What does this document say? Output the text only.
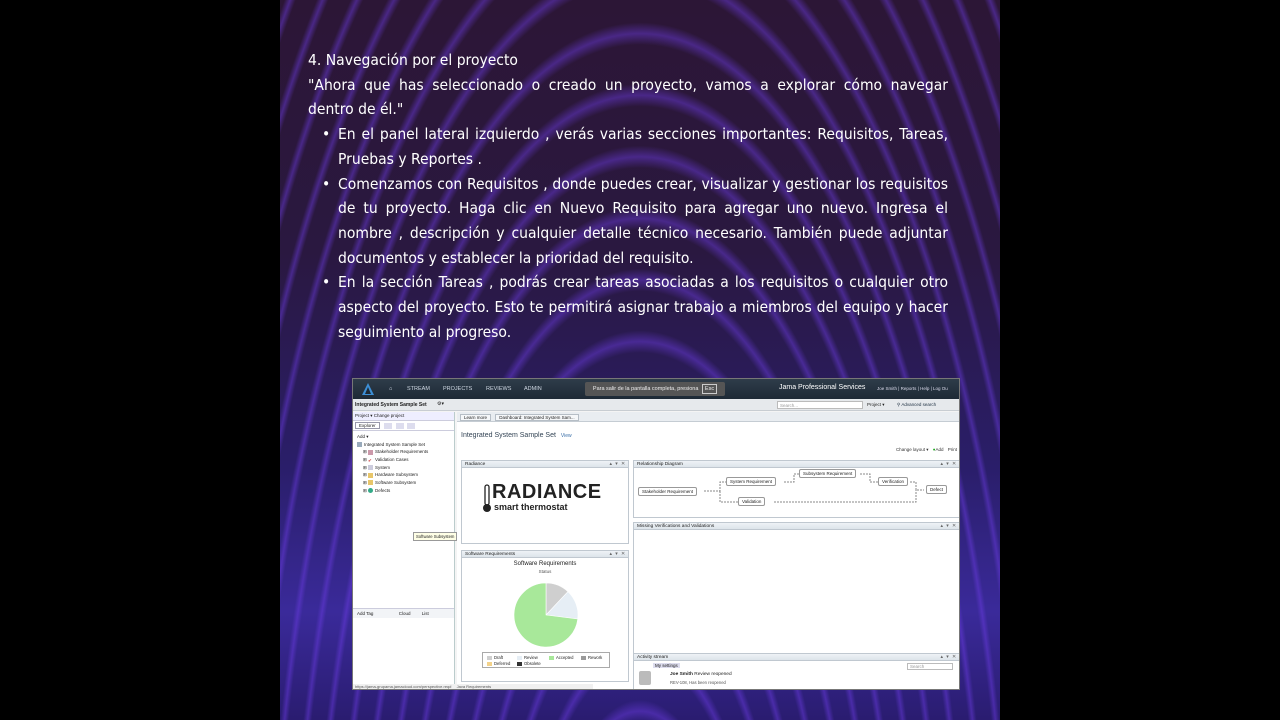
4. Navegación por el proyecto
"Ahora que has seleccionado o creado un proyecto, vamos a explorar cómo navegar dentro de él."
• En el panel lateral izquierdo , verás varias secciones importantes: Requisitos, Tareas, Pruebas y Reportes .
• Comenzamos con Requisitos , donde puedes crear, visualizar y gestionar los requisitos de tu proyecto. Haga clic en Nuevo Requisito para agregar uno nuevo. Ingresa el nombre , descripción y cualquier detalle técnico necesario. También puede adjuntar documentos y establecer la prioridad del requisito.
• En la sección Tareas , podrás crear tareas asociadas a los requisitos o cualquier otro aspecto del proyecto. Esto te permitirá asignar trabajo a miembros del equipo y hacer seguimiento al progreso.
⌂	STREAM PROJECTS REVIEWS ADMIN	Para salir de la pantalla completa, presiona Esc	Jama Professional Services	Joe Smith | Reports | Help | Log Ou
Integrated System Sample Set ⚙▾	Search...	Project ▾	⚲ Advanced search
Project ▾ Change project
Explorer
Add ▾
Integrated System Sample Set
⊞ Stakeholder Requirements
⊞ ✔ Validation Cases
⊞ System
⊞ Hardware Subsystem
⊞ Software Subsystem
⊞ Defects
Software Subsystem
Add Tag	Cloud	List
Learn more	Dashboard: Integrated System Sam...
Integrated System Sample Set View
Change layout ▾ ●Add Print
Radiance	▴ ▾ ✕
RADIANCE
smart thermostat
Software Requirements	▴ ▾ ✕
Software Requirements
Status
Draft	Review	Accepted	Rework
Deferred	Obsolete
Relationship Diagram	▴ ▾ ✕
Stakeholder Requirement
System Requirement
Subsystem Requirement
Verification
Validation
Defect
Missing Verifications and Validations	▴ ▾ ✕
Activity stream	▴ ▾ ✕
My settings	Search
Joe Smith Review reopened
REV-108, Has been reopened
https://jama-grupama.jamacloud.com/perspective.req# Java Requirements
